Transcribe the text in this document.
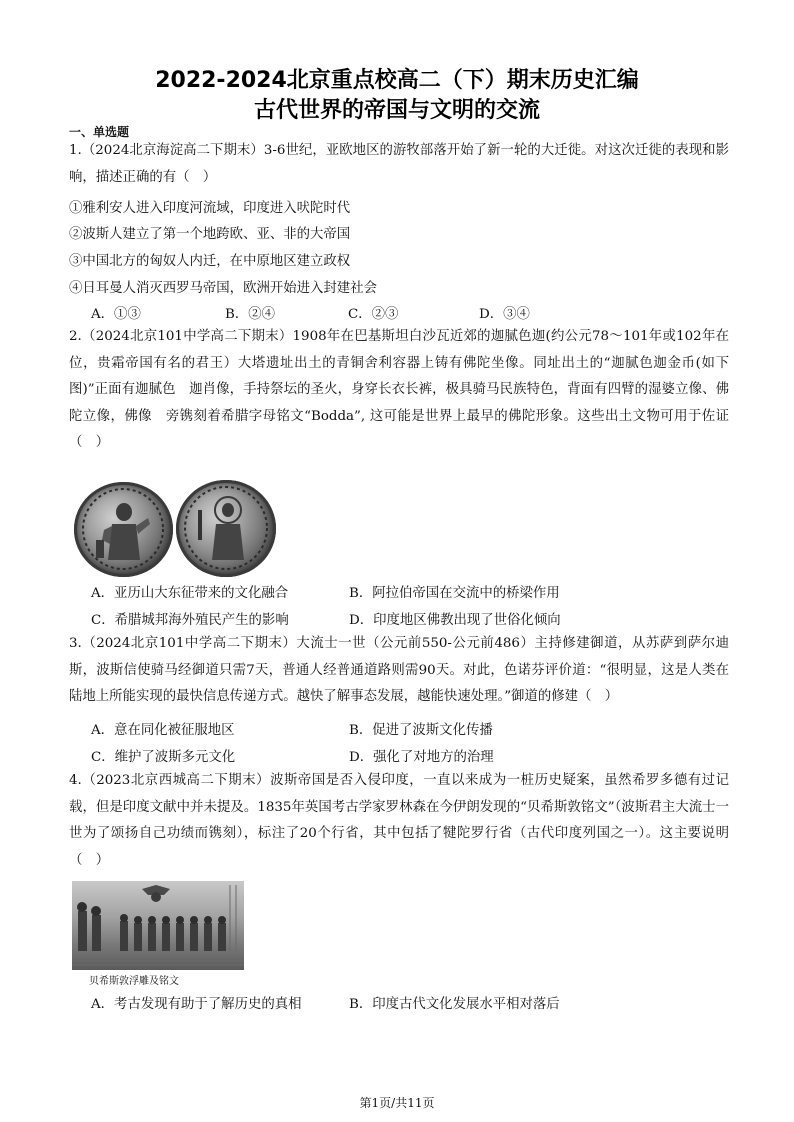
2022-2024北京重点校高二（下）期末历史汇编
古代世界的帝国与文明的交流
一、单选题
1.（2024北京海淀高二下期末）3-6世纪，亚欧地区的游牧部落开始了新一轮的大迁徙。对这次迁徙的表现和影响，描述正确的有（　）
①雅利安人进入印度河流域，印度进入吠陀时代
②波斯人建立了第一个地跨欧、亚、非的大帝国
③中国北方的匈奴人内迁，在中原地区建立政权
④日耳曼人消灭西罗马帝国，欧洲开始进入封建社会
A．①③	B．②④	C．②③	D．③④
2.（2024北京101中学高二下期末）1908年在巴基斯坦白沙瓦近郊的迦腻色迦(约公元78～101年或102年在位，贵霜帝国有名的君王）大塔遗址出土的青铜舍利容器上铸有佛陀坐像。同址出土的“迦腻色迦金币(如下图)”正面有迦腻色　迦肖像，手持祭坛的圣火，身穿长衣长裤，极具骑马民族特色，背面有四臂的湿婆立像、佛陀立像，佛像　旁镌刻着希腊字母铭文“Bodda”, 这可能是世界上最早的佛陀形象。这些出土文物可用于佐证（　）
A．亚历山大东征带来的文化融合	B．阿拉伯帝国在交流中的桥梁作用
C．希腊城邦海外殖民产生的影响	D．印度地区佛教出现了世俗化倾向
3.（2024北京101中学高二下期末）大流士一世（公元前550-公元前486）主持修建御道，从苏萨到萨尔迪斯，波斯信使骑马经御道只需7天，普通人经普通道路则需90天。对此，色诺芬评价道：“很明显，这是人类在陆地上所能实现的最快信息传递方式。越快了解事态发展，越能快速处理。”御道的修建（　）
A．意在同化被征服地区	B．促进了波斯文化传播
C．维护了波斯多元文化	D．强化了对地方的治理
4.（2023北京西城高二下期末）波斯帝国是否入侵印度，一直以来成为一桩历史疑案，虽然希罗多德有过记载，但是印度文献中并未提及。1835年英国考古学家罗林森在今伊朗发现的“贝希斯敦铭文”（波斯君主大流士一世为了颂扬自己功绩而镌刻），标注了20个行省，其中包括了犍陀罗行省（古代印度列国之一）。这主要说明（　）
贝希斯敦浮雕及铭文
A．考古发现有助于了解历史的真相	B．印度古代文化发展水平相对落后
第1页/共11页
